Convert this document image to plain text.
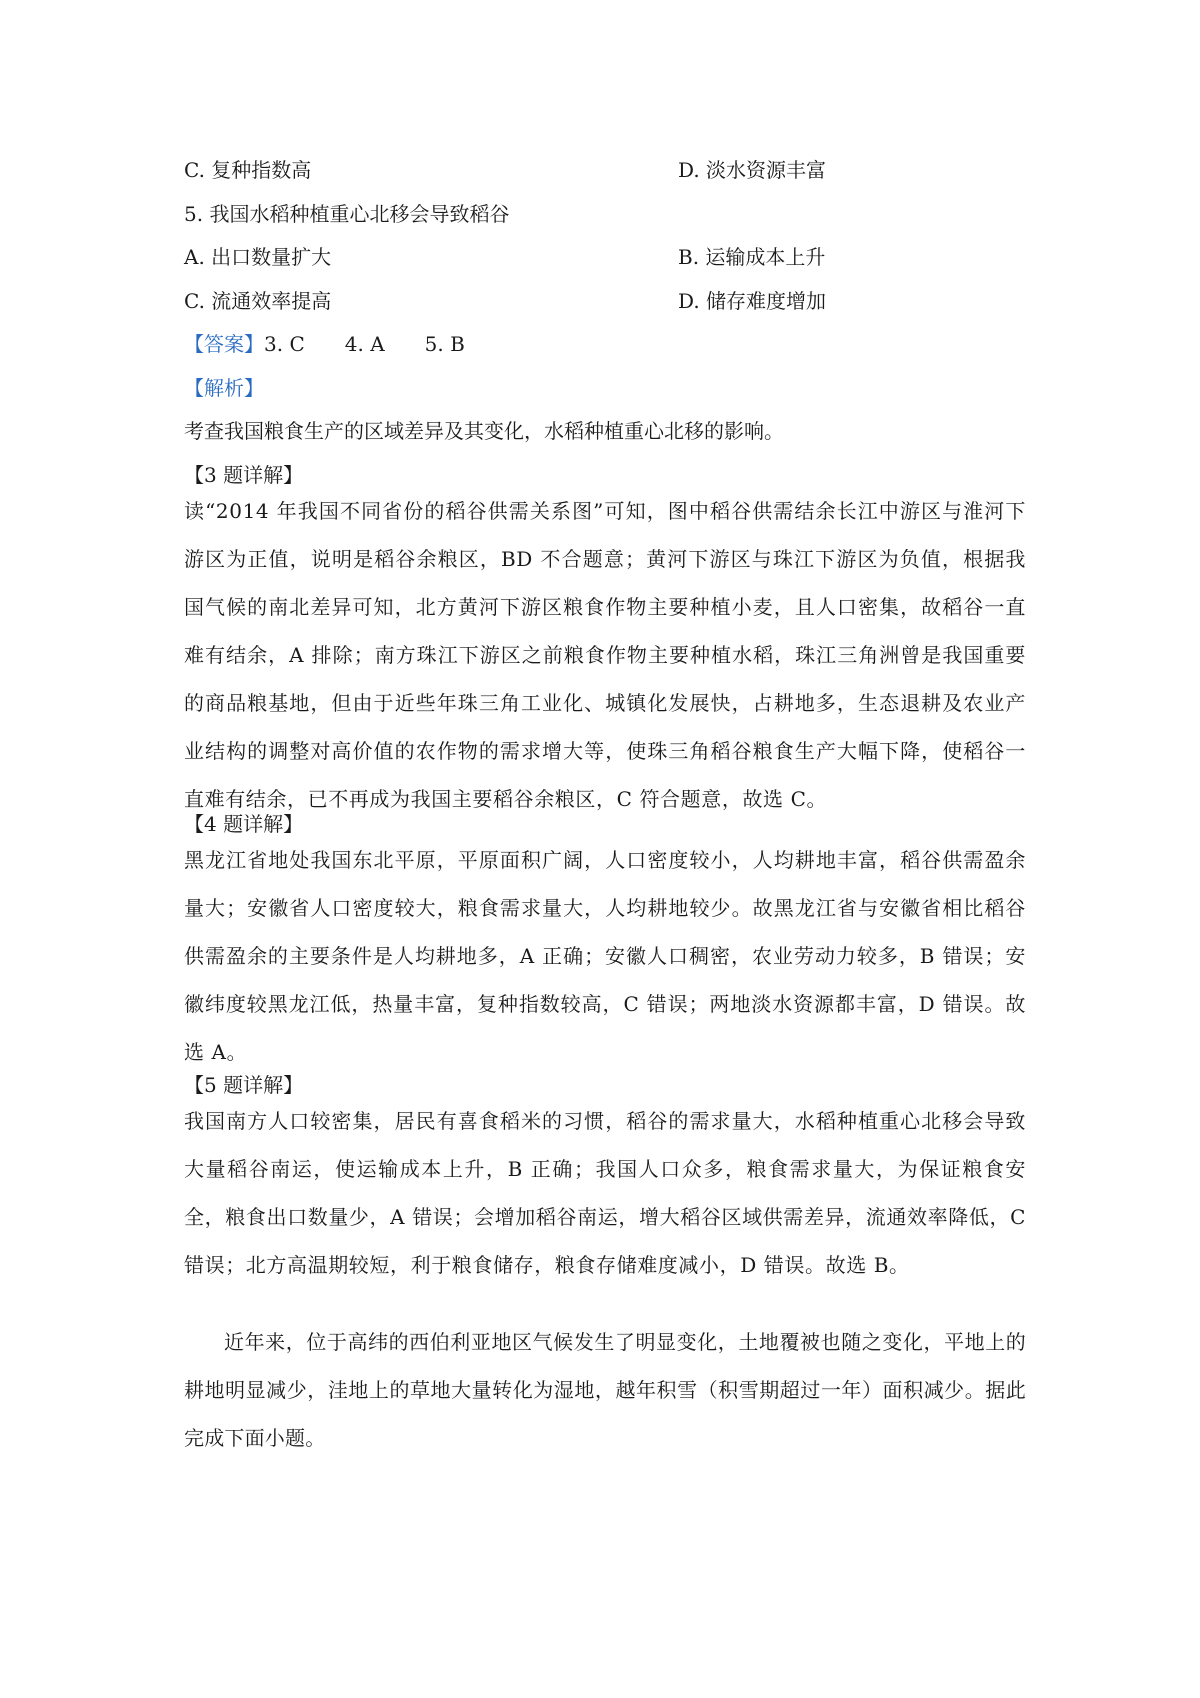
C. 复种指数高	D. 淡水资源丰富
5. 我国水稻种植重心北移会导致稻谷
A. 出口数量扩大	B. 运输成本上升
C. 流通效率提高	D. 储存难度增加
【答案】3. C 4. A 5. B
【解析】
考查我国粮食生产的区域差异及其变化，水稻种植重心北移的影响。
【3 题详解】
读“2014 年我国不同省份的稻谷供需关系图”可知，图中稻谷供需结余长江中游区与淮河下游区为正值，说明是稻谷余粮区，BD 不合题意；黄河下游区与珠江下游区为负值，根据我国气候的南北差异可知，北方黄河下游区粮食作物主要种植小麦，且人口密集，故稻谷一直难有结余，A 排除；南方珠江下游区之前粮食作物主要种植水稻，珠江三角洲曾是我国重要的商品粮基地，但由于近些年珠三角工业化、城镇化发展快，占耕地多，生态退耕及农业产业结构的调整对高价值的农作物的需求增大等，使珠三角稻谷粮食生产大幅下降，使稻谷一直难有结余，已不再成为我国主要稻谷余粮区，C 符合题意，故选 C。
【4 题详解】
黑龙江省地处我国东北平原，平原面积广阔，人口密度较小，人均耕地丰富，稻谷供需盈余量大；安徽省人口密度较大，粮食需求量大，人均耕地较少。故黑龙江省与安徽省相比稻谷供需盈余的主要条件是人均耕地多，A 正确；安徽人口稠密，农业劳动力较多，B 错误；安徽纬度较黑龙江低，热量丰富，复种指数较高，C 错误；两地淡水资源都丰富，D 错误。故选 A。
【5 题详解】
我国南方人口较密集，居民有喜食稻米的习惯，稻谷的需求量大，水稻种植重心北移会导致大量稻谷南运，使运输成本上升，B 正确；我国人口众多，粮食需求量大，为保证粮食安全，粮食出口数量少，A 错误；会增加稻谷南运，增大稻谷区域供需差异，流通效率降低，C 错误；北方高温期较短，利于粮食储存，粮食存储难度减小，D 错误。故选 B。
近年来，位于高纬的西伯利亚地区气候发生了明显变化，土地覆被也随之变化，平地上的耕地明显减少，洼地上的草地大量转化为湿地，越年积雪（积雪期超过一年）面积减少。据此完成下面小题。
